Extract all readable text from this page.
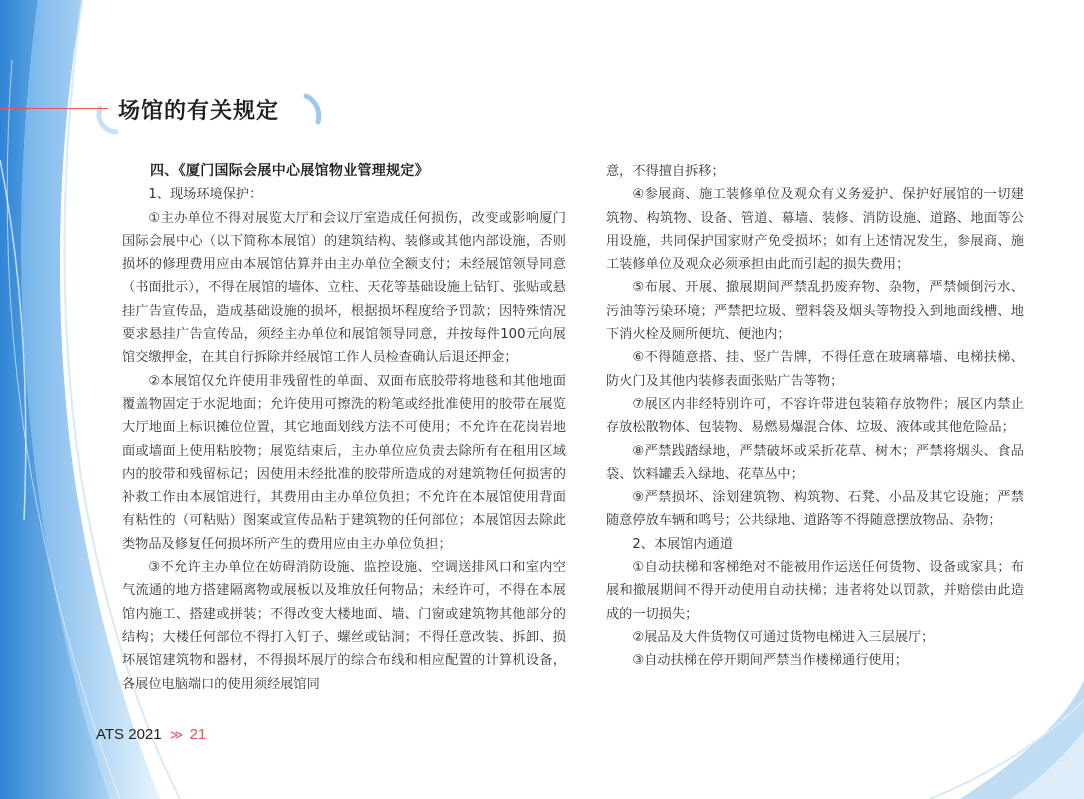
场馆的有关规定

四、《厦门国际会展中心展馆物业管理规定》

1、现场环境保护：

①主办单位不得对展览大厅和会议厅室造成任何损伤，改变或影响厦门国际会展中心（以下简称本展馆）的建筑结构、装修或其他内部设施，否则损坏的修理费用应由本展馆估算并由主办单位全额支付；未经展馆领导同意（书面批示），不得在展馆的墙体、立柱、天花等基础设施上钻钉、张贴或悬挂广告宣传品，造成基础设施的损坏，根据损坏程度给予罚款；因特殊情况要求悬挂广告宣传品，须经主办单位和展馆领导同意，并按每件100元向展馆交缴押金，在其自行拆除并经展馆工作人员检查确认后退还押金；

②本展馆仅允许使用非残留性的单面、双面布底胶带将地毯和其他地面覆盖物固定于水泥地面；允许使用可擦洗的粉笔或经批准使用的胶带在展览大厅地面上标识摊位位置，其它地面划线方法不可使用；不允许在花岗岩地面或墙面上使用粘胶物；展览结束后，主办单位应负责去除所有在租用区域内的胶带和残留标记；因使用未经批准的胶带所造成的对建筑物任何损害的补救工作由本展馆进行，其费用由主办单位负担；不允许在本展馆使用背面有粘性的（可粘贴）图案或宣传品粘于建筑物的任何部位；本展馆因去除此类物品及修复任何损坏所产生的费用应由主办单位负担；

③不允许主办单位在妨碍消防设施、监控设施、空调送排风口和室内空气流通的地方搭建隔离物或展板以及堆放任何物品；未经许可，不得在本展馆内施工、搭建或拼装；不得改变大楼地面、墙、门窗或建筑物其他部分的结构；大楼任何部位不得打入钉子、螺丝或钻洞；不得任意改装、拆卸、损坏展馆建筑物和器材，不得损坏展厅的综合布线和相应配置的计算机设备，各展位电脑端口的使用须经展馆同

意，不得擅自拆移；

④参展商、施工装修单位及观众有义务爱护、保护好展馆的一切建筑物、构筑物、设备、管道、幕墙、装修、消防设施、道路、地面等公用设施，共同保护国家财产免受损坏；如有上述情况发生，参展商、施工装修单位及观众必须承担由此而引起的损失费用；

⑤布展、开展、撤展期间严禁乱扔废弃物、杂物，严禁倾倒污水、污油等污染环境；严禁把垃圾、塑料袋及烟头等物投入到地面线槽、地下消火栓及厕所便坑、便池内；

⑥不得随意搭、挂、竖广告牌，不得任意在玻璃幕墙、电梯扶梯、防火门及其他内装修表面张贴广告等物；

⑦展区内非经特别许可，不容许带进包装箱存放物件；展区内禁止存放松散物体、包装物、易燃易爆混合体、垃圾、液体或其他危险品；

⑧严禁践踏绿地，严禁破坏或采折花草、树木；严禁将烟头、食品袋、饮料罐丢入绿地、花草丛中；

⑨严禁损坏、涂划建筑物、构筑物、石凳、小品及其它设施；严禁随意停放车辆和鸣号；公共绿地、道路等不得随意摆放物品、杂物；

2、本展馆内通道

①自动扶梯和客梯绝对不能被用作运送任何货物、设备或家具；布展和撤展期间不得开动使用自动扶梯；违者将处以罚款，并赔偿由此造成的一切损失；

②展品及大件货物仅可通过货物电梯进入三层展厅；

③自动扶梯在停开期间严禁当作楼梯通行使用；

ATS 2021 ≫ 21
